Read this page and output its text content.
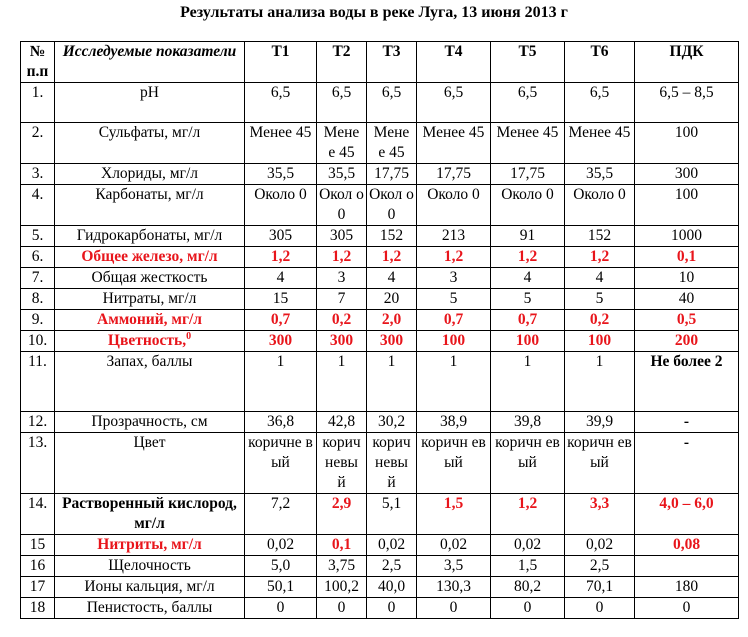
Результаты анализа воды в реке Луга, 13 июня 2013 г
№ п.п	Исследуемые показатели	Т1	Т2	Т3	Т4	Т5	Т6	ПДК
1.	pH	6,5	6,5	6,5	6,5	6,5	6,5	6,5 – 8,5
2.	Сульфаты, мг/л	Менее 45	Мене е 45	Мене е 45	Менее 45	Менее 45	Менее 45	100
3.	Хлориды, мг/л	35,5	35,5	17,75	17,75	17,75	35,5	300
4.	Карбонаты, мг/л	Около 0	Окол о 0	Окол о 0	Около 0	Около 0	Около 0	100
5.	Гидрокарбонаты, мг/л	305	305	152	213	91	152	1000
6.	Общее железо, мг/л	1,2	1,2	1,2	1,2	1,2	1,2	0,1
7.	Общая жесткость	4	3	4	3	4	4	10
8.	Нитраты, мг/л	15	7	20	5	5	5	40
9.	Аммоний, мг/л	0,7	0,2	2,0	0,7	0,7	0,2	0,5
10.	Цветность,$^0$	300	300	300	100	100	100	200
11.	Запах, баллы	1	1	1	1	1	1	Не более 2
12.	Прозрачность, см	36,8	42,8	30,2	38,9	39,8	39,9	-
13.	Цвет	коричне вый	корич невы й	корич невы й	коричн евый	коричн евый	коричн евый	-
14.	Растворенный кислород, мг/л	7,2	2,9	5,1	1,5	1,2	3,3	4,0 – 6,0
15	Нитриты, мг/л	0,02	0,1	0,02	0,02	0,02	0,02	0,08
16	Щелочность	5,0	3,75	2,5	3,5	1,5	2,5	
17	Ионы кальция, мг/л	50,1	100,2	40,0	130,3	80,2	70,1	180
18	Пенистость, баллы	0	0	0	0	0	0	0
